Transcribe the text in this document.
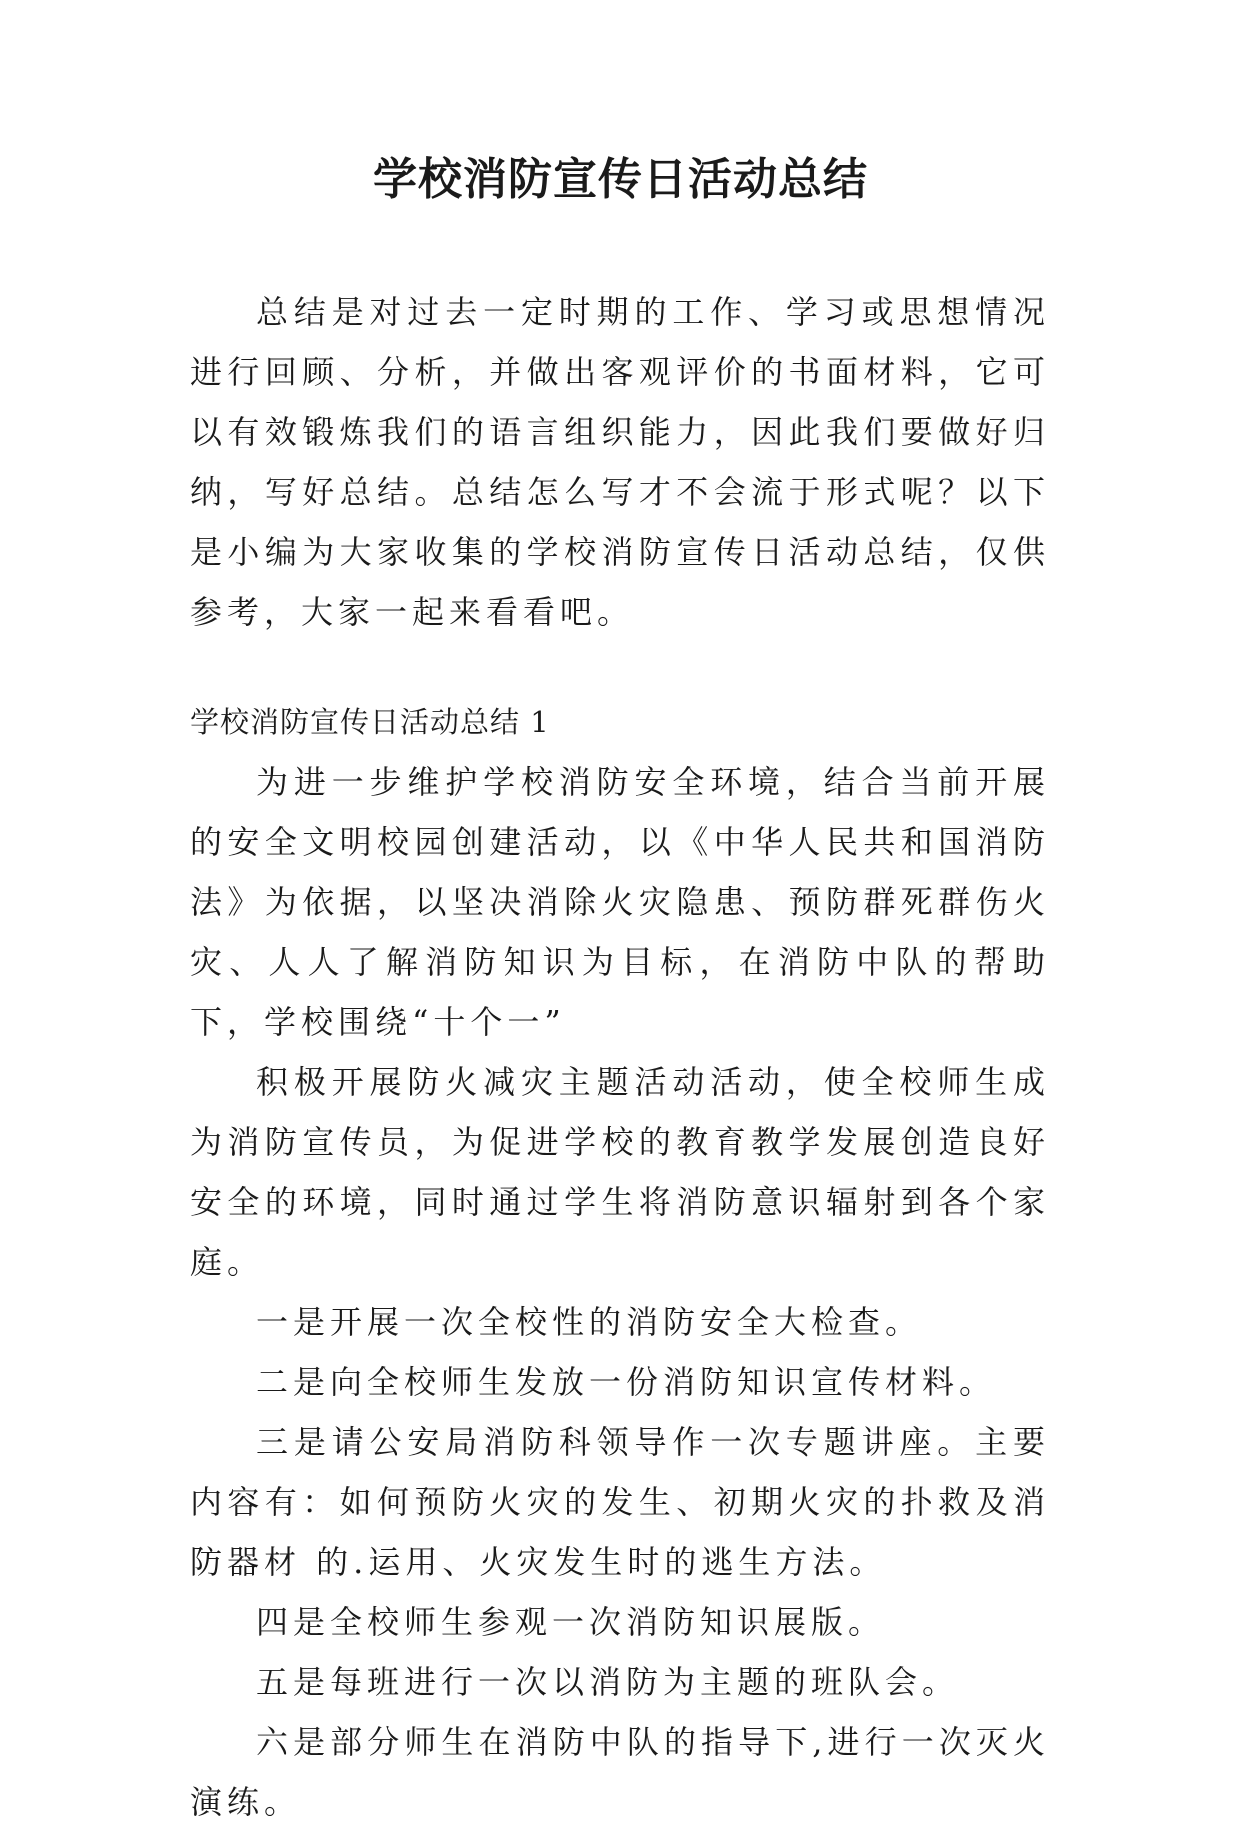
学校消防宣传日活动总结

总结是对过去一定时期的工作、学习或思想情况进行回顾、分析，并做出客观评价的书面材料，它可以有效锻炼我们的语言组织能力，因此我们要做好归纳，写好总结。总结怎么写才不会流于形式呢？以下是小编为大家收集的学校消防宣传日活动总结，仅供参考，大家一起来看看吧。

学校消防宣传日活动总结 1

为进一步维护学校消防安全环境，结合当前开展的安全文明校园创建活动，以《中华人民共和国消防法》为依据，以坚决消除火灾隐患、预防群死群伤火灾、人人了解消防知识为目标，在消防中队的帮助下，学校围绕“十个一”

积极开展防火减灾主题活动活动，使全校师生成为消防宣传员，为促进学校的教育教学发展创造良好安全的环境，同时通过学生将消防意识辐射到各个家庭。

一是开展一次全校性的消防安全大检查。

二是向全校师生发放一份消防知识宣传材料。

三是请公安局消防科领导作一次专题讲座。主要内容有：如何预防火灾的发生、初期火灾的扑救及消防器材 的.运用、火灾发生时的逃生方法。

四是全校师生参观一次消防知识展版。

五是每班进行一次以消防为主题的班队会。

六是部分师生在消防中队的指导下,进行一次灭火演练。
